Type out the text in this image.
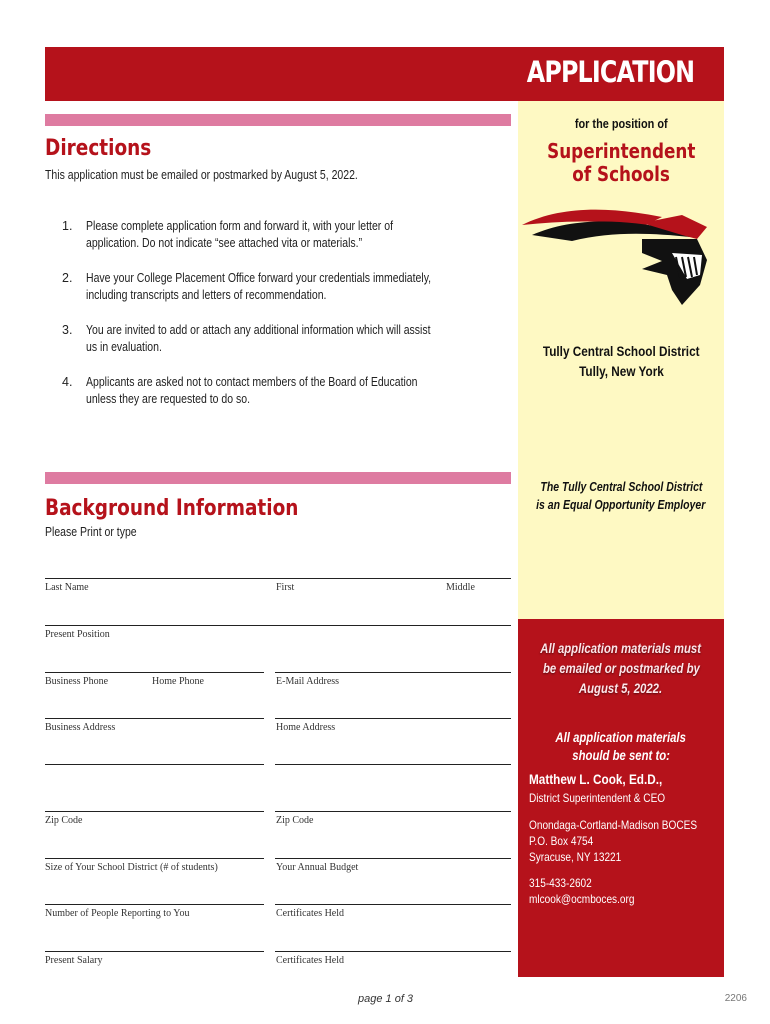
APPLICATION
for the position of
Superintendent
of Schools
Tully Central School District
Tully, New York
The Tully Central School District
is an Equal Opportunity Employer
All application materials must
be emailed or postmarked by
August 5, 2022.
All application materials
should be sent to:
Matthew L. Cook, Ed.D.,
District Superintendent & CEO
Onondaga-Cortland-Madison BOCES
P.O. Box 4754
Syracuse, NY 13221
315-433-2602
mlcook@ocmboces.org
Directions
This application must be emailed or postmarked by August 5, 2022.
1. Please complete application form and forward it, with your letter of
application. Do not indicate “see attached vita or materials.”
2. Have your College Placement Office forward your credentials immediately,
including transcripts and letters of recommendation.
3. You are invited to add or attach any additional information which will assist
us in evaluation.
4. Applicants are asked not to contact members of the Board of Education
unless they are requested to do so.
Background Information
Please Print or type
Last Name	First	Middle
Present Position
Business Phone	Home Phone	E-Mail Address
Business Address	Home Address
Zip Code	Zip Code
Size of Your School District (# of students)	Your Annual Budget
Number of People Reporting to You	Certificates Held
Present Salary	Certificates Held
page 1 of 3	2206
